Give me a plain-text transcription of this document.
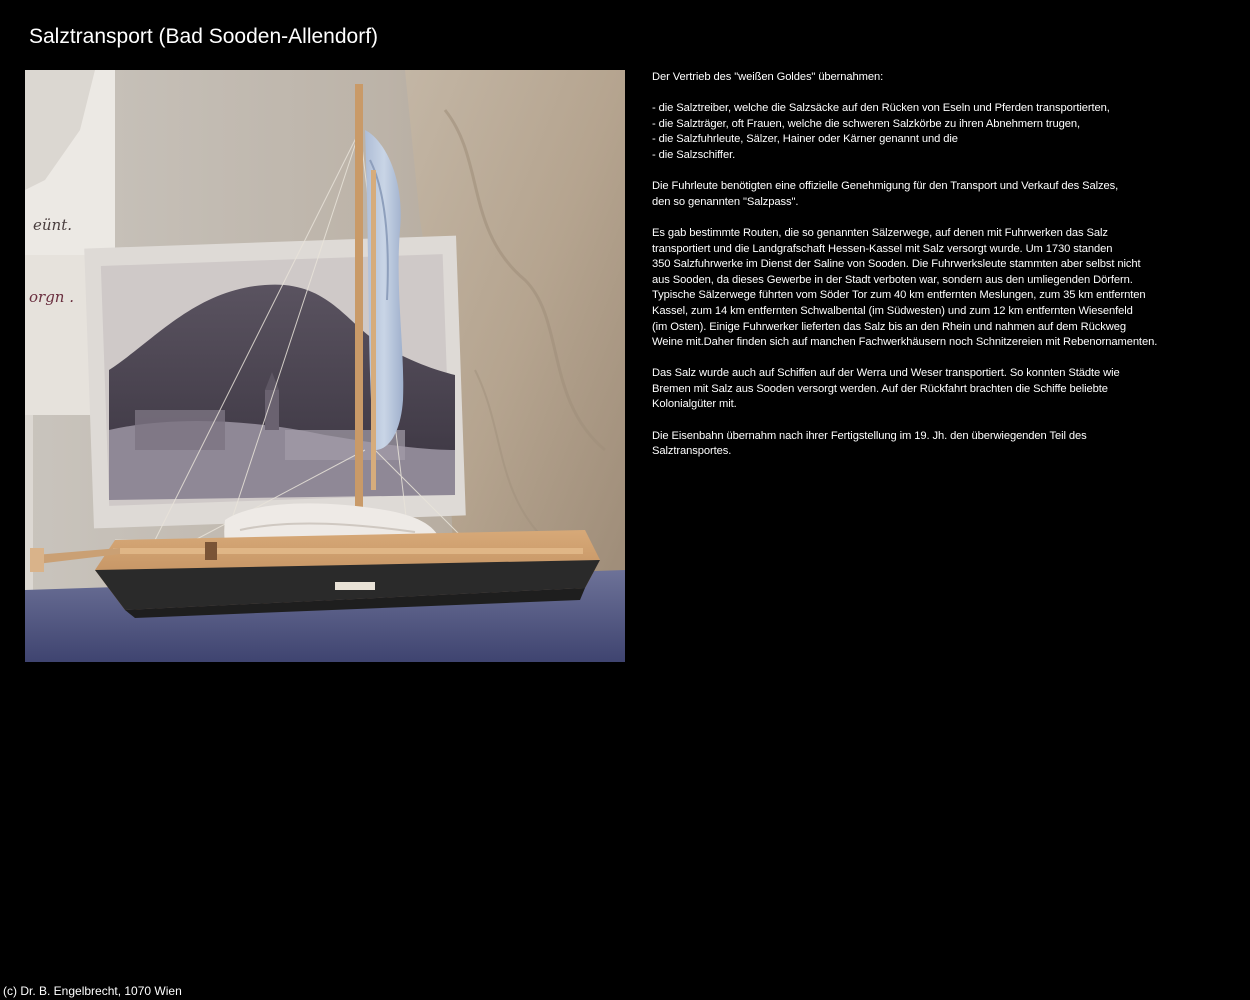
Salztransport (Bad Sooden-Allendorf)
eünt.
orgn .

Der Vertrieb des "weißen Goldes" übernahmen:

- die Salztreiber, welche die Salzsäcke auf den Rücken von Eseln und Pferden transportierten,
- die Salzträger, oft Frauen, welche die schweren Salzkörbe zu ihren Abnehmern trugen,
- die Salzfuhrleute, Sälzer, Hainer oder Kärner genannt und die
- die Salzschiffer.

Die Fuhrleute benötigten eine offizielle Genehmigung für den Transport und Verkauf des Salzes,
den so genannten "Salzpass".

Es gab bestimmte Routen, die so genannten Sälzerwege, auf denen mit Fuhrwerken das Salz
transportiert und die Landgrafschaft Hessen-Kassel mit Salz versorgt wurde. Um 1730 standen
350 Salzfuhrwerke im Dienst der Saline von Sooden. Die Fuhrwerksleute stammten aber selbst nicht
aus Sooden, da dieses Gewerbe in der Stadt verboten war, sondern aus den umliegenden Dörfern.
Typische Sälzerwege führten vom Söder Tor zum 40 km entfernten Meslungen, zum 35 km entfernten
Kassel, zum 14 km entfernten Schwalbental (im Südwesten) und zum 12 km entfernten Wiesenfeld
(im Osten). Einige Fuhrwerker lieferten das Salz bis an den Rhein und nahmen auf dem Rückweg
Weine mit.Daher finden sich auf manchen Fachwerkhäusern noch Schnitzereien mit Rebenornamenten.

Das Salz wurde auch auf Schiffen auf der Werra und Weser transportiert. So konnten Städte wie
Bremen mit Salz aus Sooden versorgt werden. Auf der Rückfahrt brachten die Schiffe beliebte
Kolonialgüter mit.

Die Eisenbahn übernahm nach ihrer Fertigstellung im 19. Jh. den überwiegenden Teil des
Salztransportes.

(c) Dr. B. Engelbrecht, 1070 Wien
